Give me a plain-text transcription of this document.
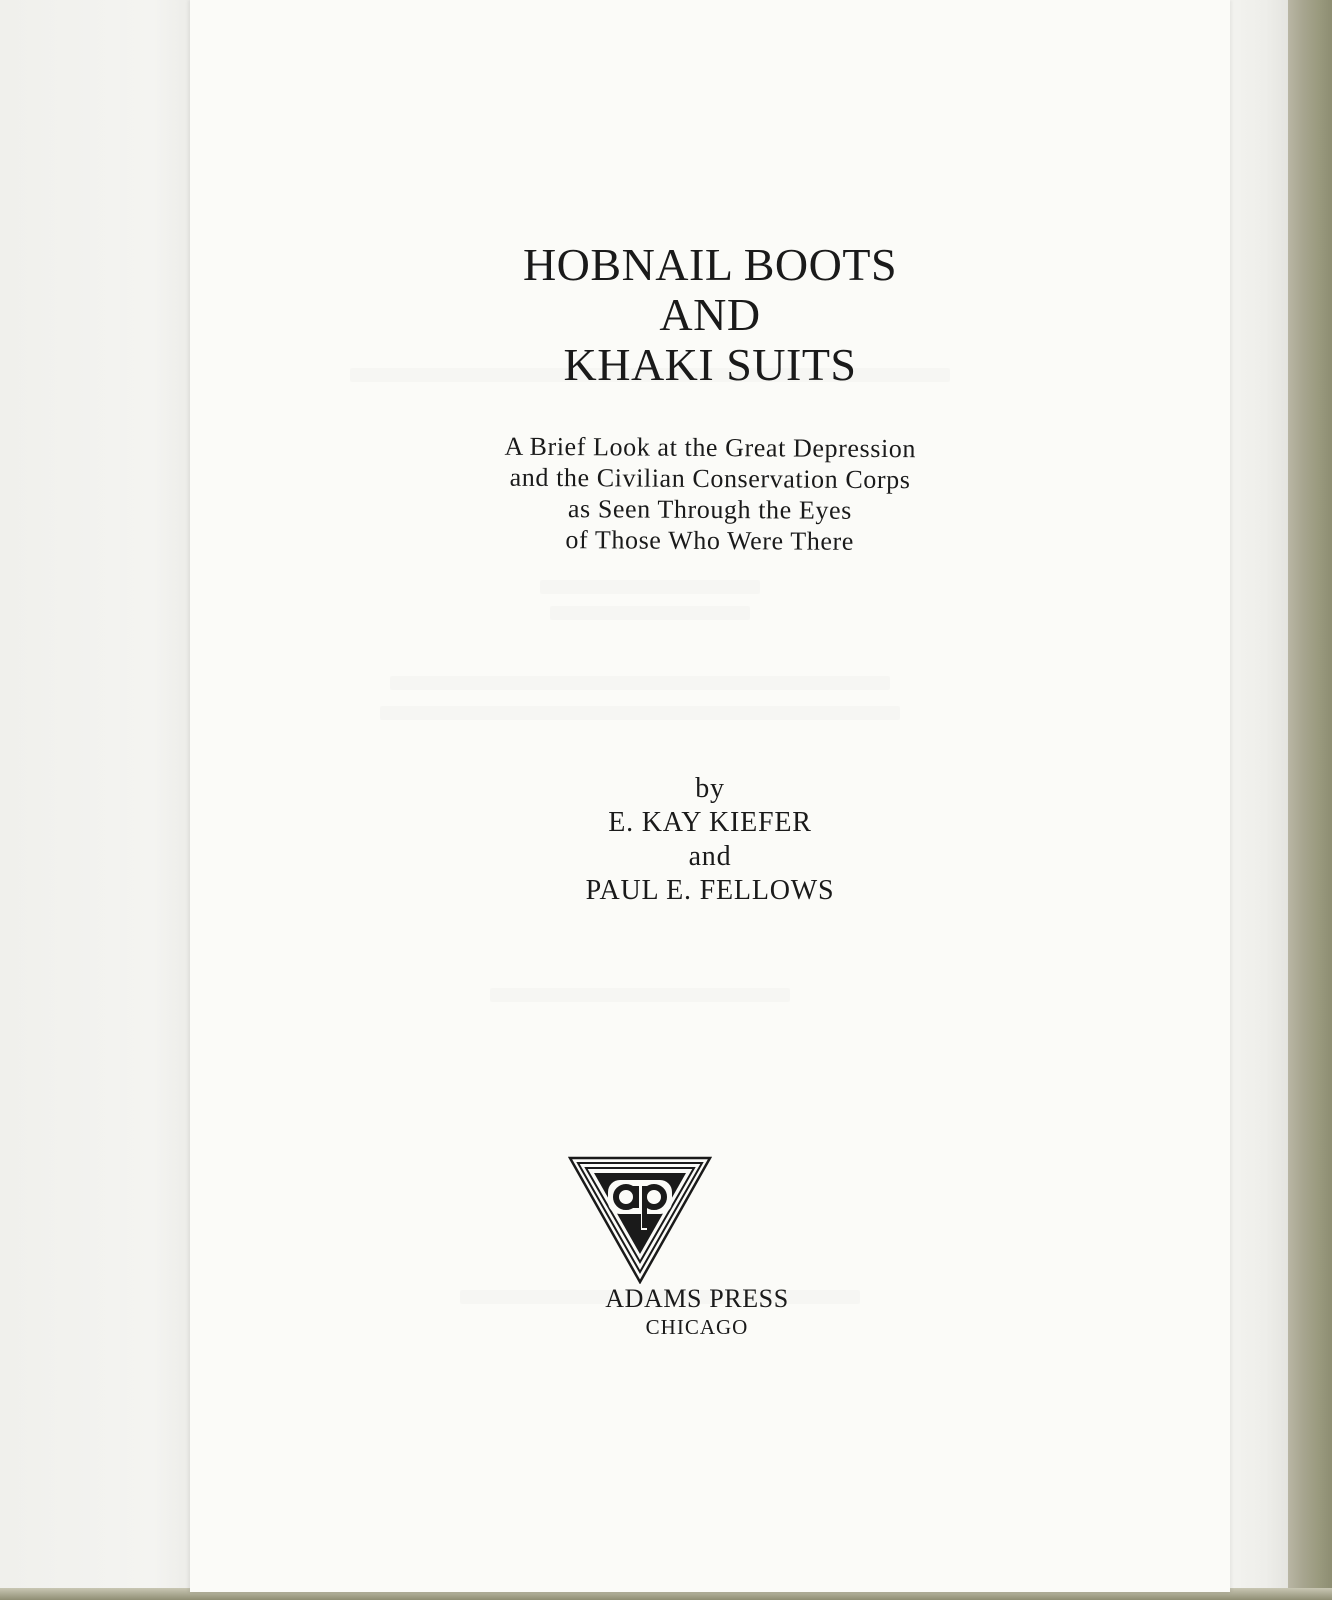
HOBNAIL BOOTS
AND
KHAKI SUITS
A Brief Look at the Great Depression
and the Civilian Conservation Corps
as Seen Through the Eyes
of Those Who Were There
by
E. KAY KIEFER
and
PAUL E. FELLOWS
ADAMS PRESS
CHICAGO
